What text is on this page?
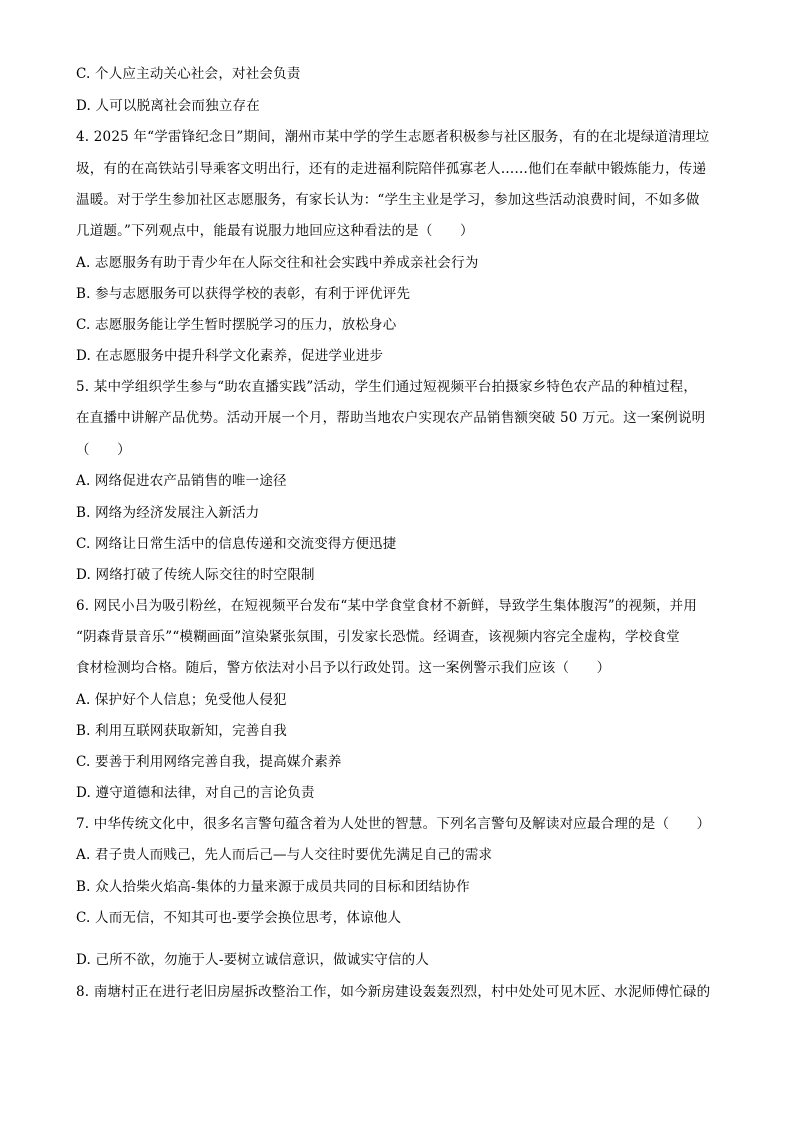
C. 个人应主动关心社会，对社会负责
D. 人可以脱离社会而独立存在
4. 2025 年“学雷锋纪念日”期间，潮州市某中学的学生志愿者积极参与社区服务，有的在北堤绿道清理垃
圾，有的在高铁站引导乘客文明出行，还有的走进福利院陪伴孤寡老人……他们在奉献中锻炼能力，传递
温暖。对于学生参加社区志愿服务，有家长认为：“学生主业是学习，参加这些活动浪费时间，不如多做
几道题。”下列观点中，能最有说服力地回应这种看法的是（　　）
A. 志愿服务有助于青少年在人际交往和社会实践中养成亲社会行为
B. 参与志愿服务可以获得学校的表彰，有利于评优评先
C. 志愿服务能让学生暂时摆脱学习的压力，放松身心
D. 在志愿服务中提升科学文化素养，促进学业进步
5. 某中学组织学生参与“助农直播实践”活动，学生们通过短视频平台拍摄家乡特色农产品的种植过程，
在直播中讲解产品优势。活动开展一个月，帮助当地农户实现农产品销售额突破 50 万元。这一案例说明
（　　）
A. 网络促进农产品销售的唯一途径
B. 网络为经济发展注入新活力
C. 网络让日常生活中的信息传递和交流变得方便迅捷
D. 网络打破了传统人际交往的时空限制
6. 网民小吕为吸引粉丝，在短视频平台发布“某中学食堂食材不新鲜，导致学生集体腹泻”的视频，并用
“阴森背景音乐”“模糊画面”渲染紧张氛围，引发家长恐慌。经调查，该视频内容完全虚构，学校食堂
食材检测均合格。随后，警方依法对小吕予以行政处罚。这一案例警示我们应该（　　）
A. 保护好个人信息；免受他人侵犯
B. 利用互联网获取新知，完善自我
C. 要善于利用网络完善自我，提高媒介素养
D. 遵守道德和法律，对自己的言论负责
7. 中华传统文化中，很多名言警句蕴含着为人处世的智慧。下列名言警句及解读对应最合理的是（　　）
A. 君子贵人而贱己，先人而后己—与人交往时要优先满足自己的需求
B. 众人拾柴火焰高-集体的力量来源于成员共同的目标和团结协作
C. 人而无信，不知其可也-要学会换位思考，体谅他人
D. 己所不欲，勿施于人-要树立诚信意识，做诚实守信的人
8. 南塘村正在进行老旧房屋拆改整治工作，如今新房建设轰轰烈烈，村中处处可见木匠、水泥师傅忙碌的
